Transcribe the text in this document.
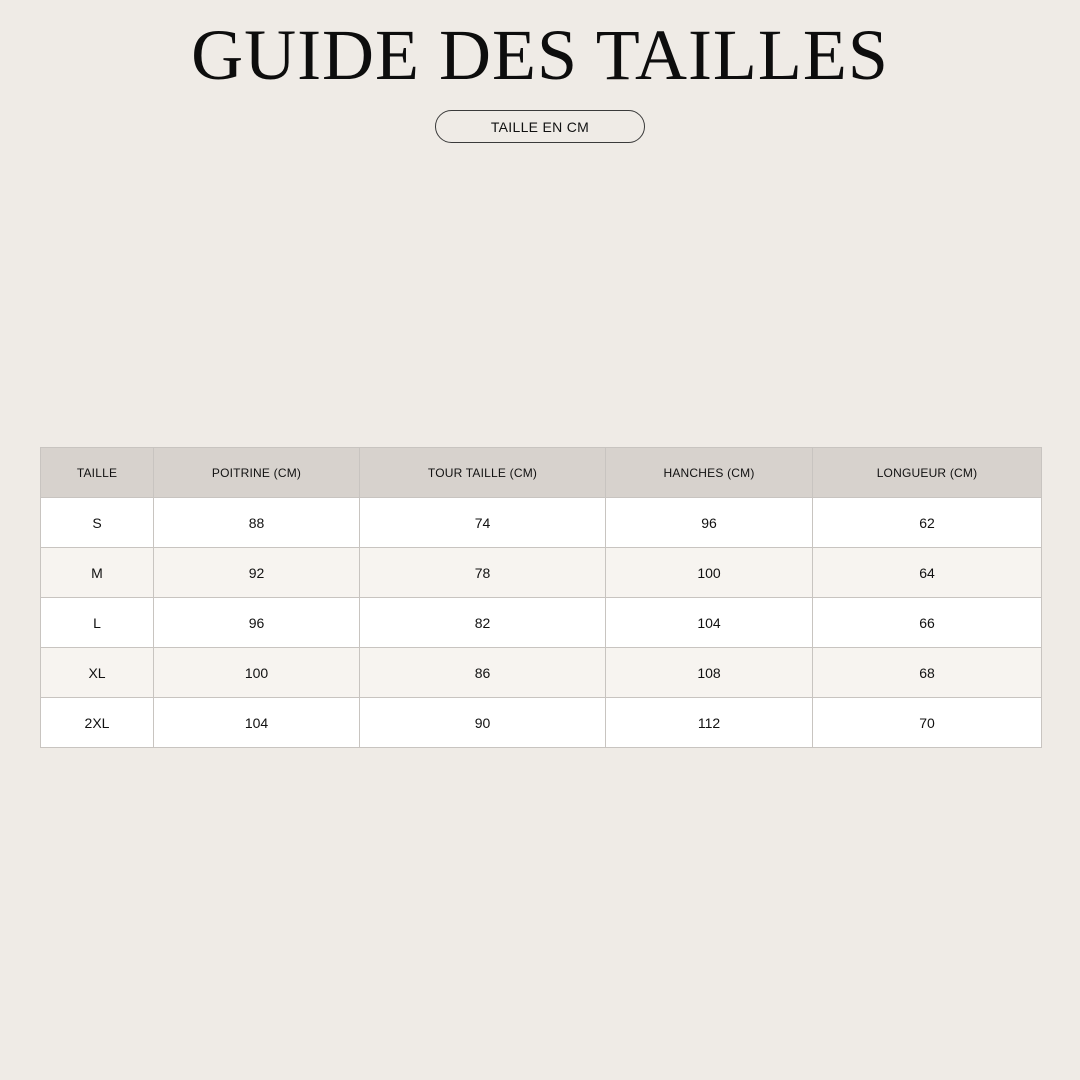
GUIDE DES TAILLES
TAILLE EN CM
TAILLE	POITRINE (CM)	TOUR TAILLE (CM)	HANCHES (CM)	LONGUEUR (CM)
S	88	74	96	62
M	92	78	100	64
L	96	82	104	66
XL	100	86	108	68
2XL	104	90	112	70
